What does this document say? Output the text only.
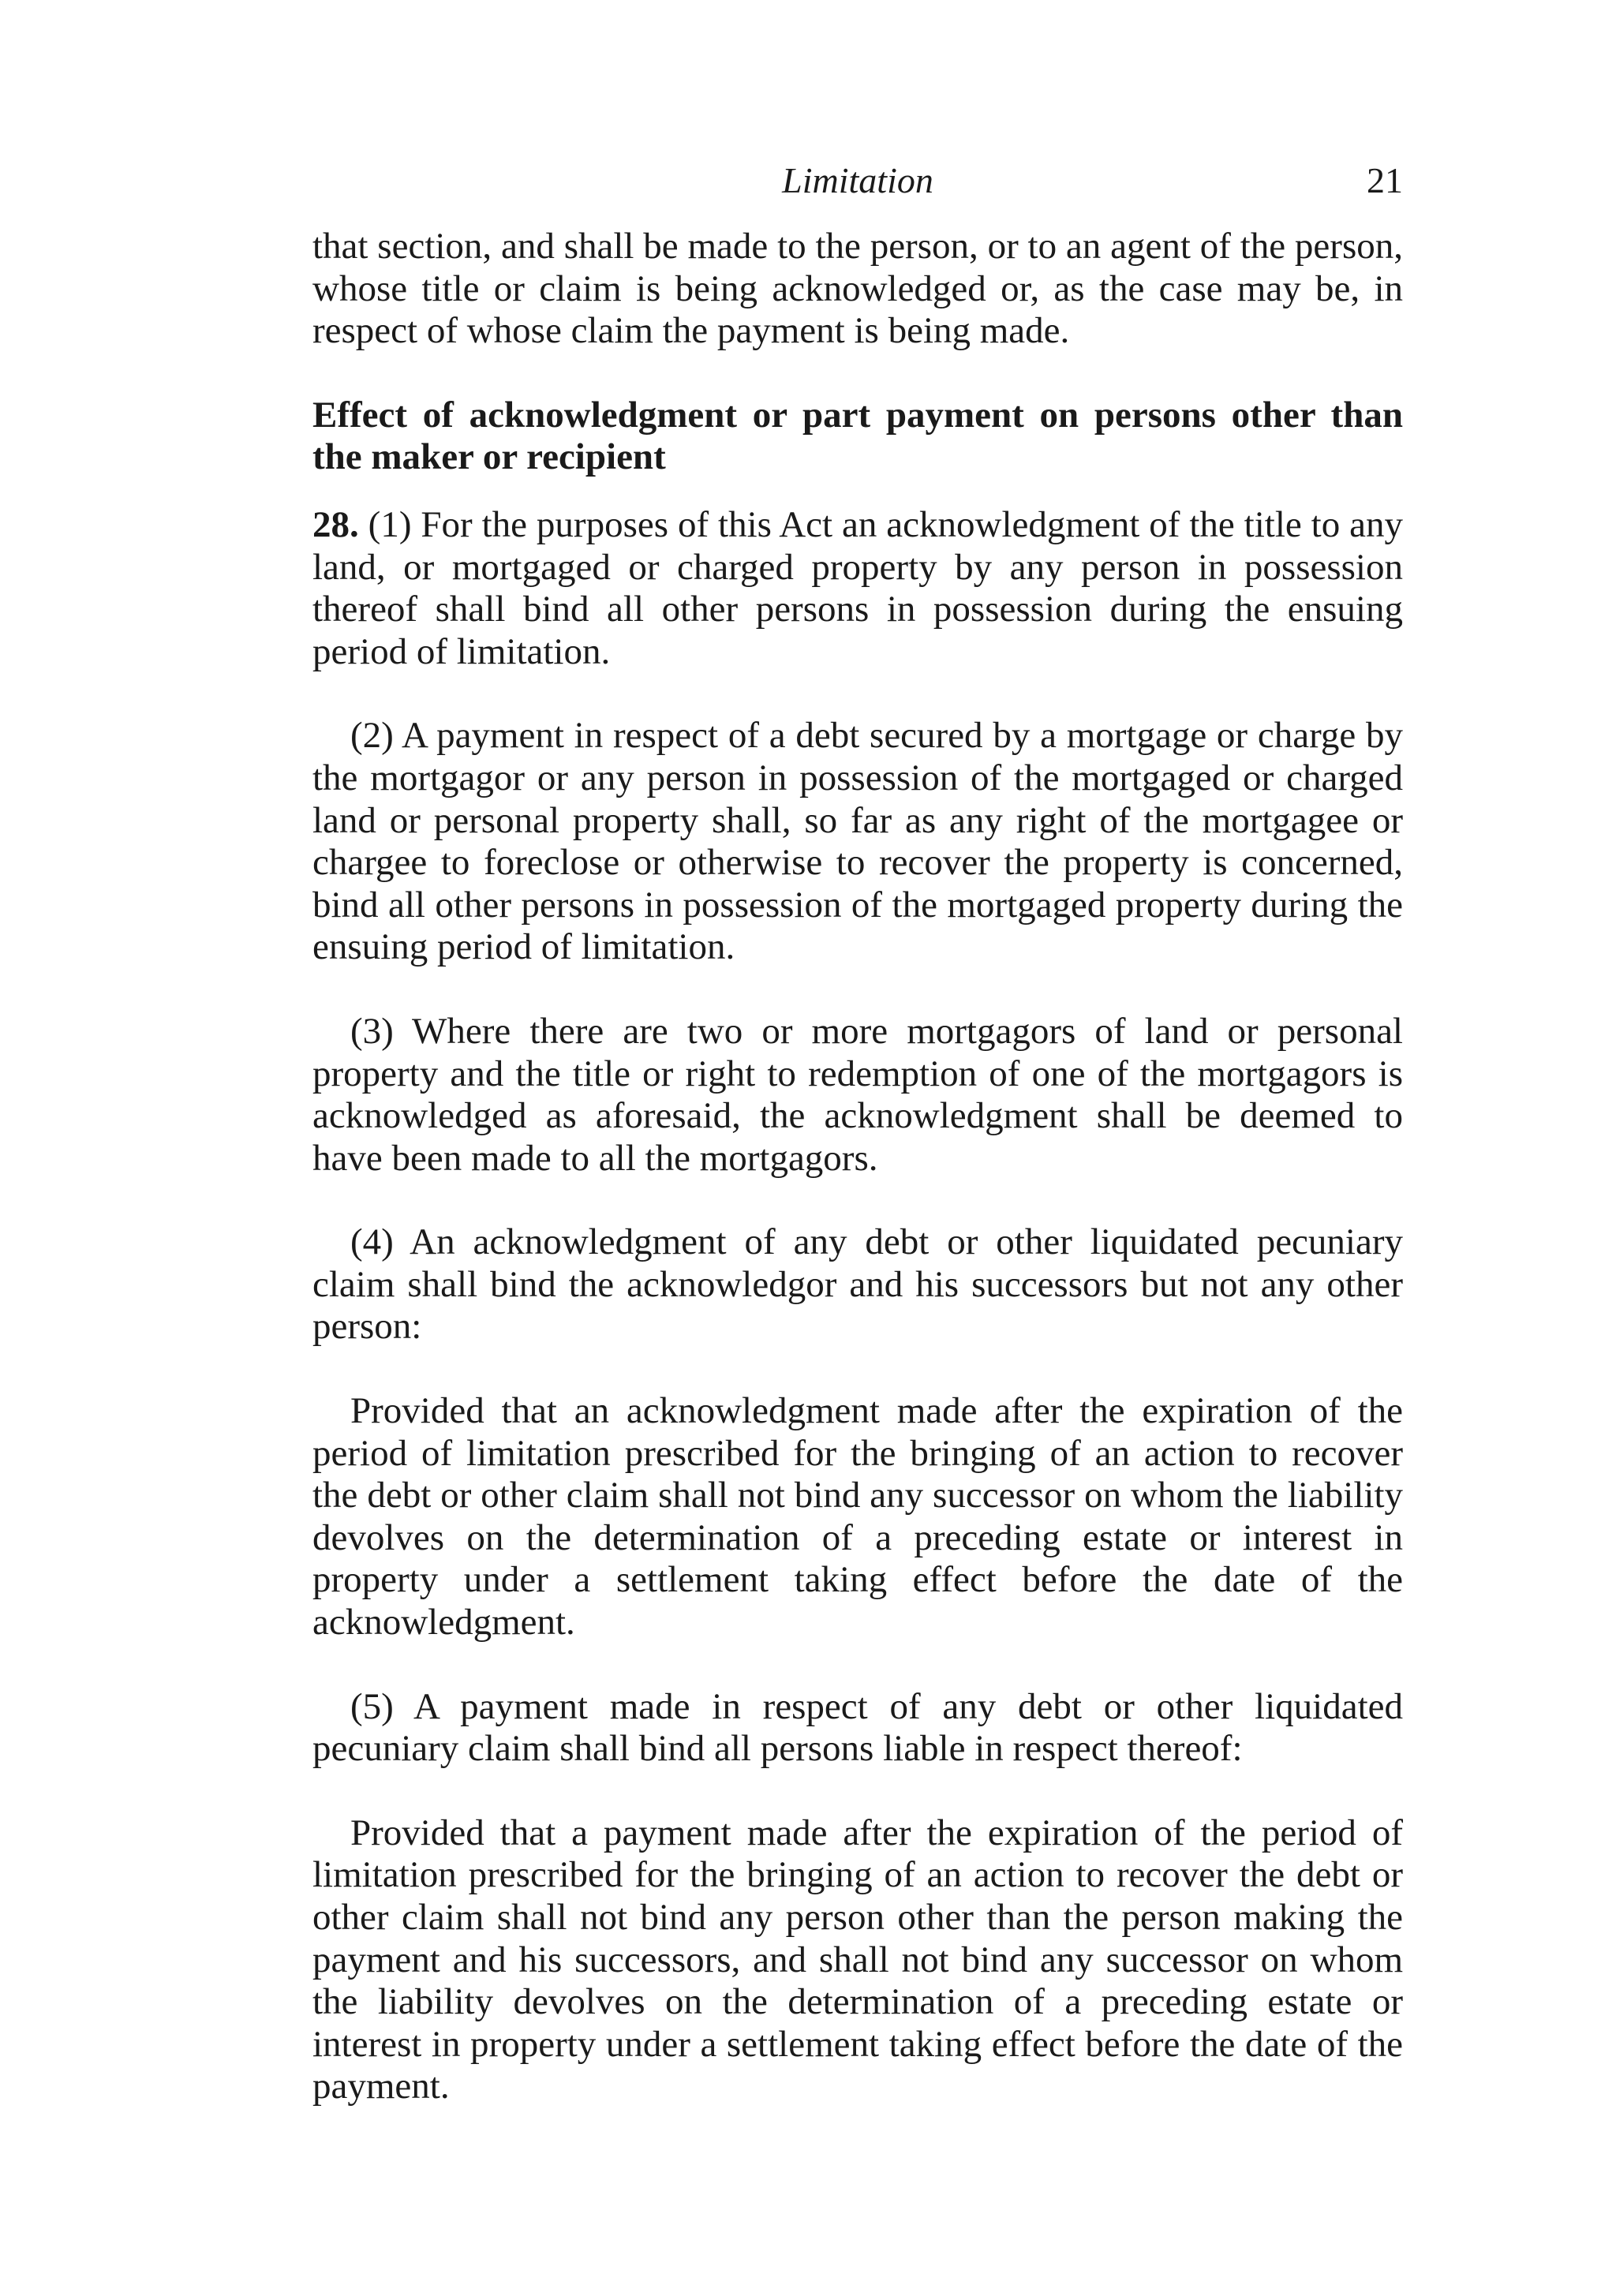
Limitation	21

that section, and shall be made to the person, or to an agent of the person, whose title or claim is being acknowledged or, as the case may be, in respect of whose claim the payment is being made.

Effect of acknowledgment or part payment on persons other than the maker or recipient

28. (1) For the purposes of this Act an acknowledgment of the title to any land, or mortgaged or charged property by any person in possession thereof shall bind all other persons in possession during the ensuing period of limitation.

(2) A payment in respect of a debt secured by a mortgage or charge by the mortgagor or any person in possession of the mortgaged or charged land or personal property shall, so far as any right of the mortgagee or chargee to foreclose or otherwise to recover the property is concerned, bind all other persons in possession of the mortgaged property during the ensuing period of limitation.

(3) Where there are two or more mortgagors of land or personal property and the title or right to redemption of one of the mortgagors is acknowledged as aforesaid, the acknowledgment shall be deemed to have been made to all the mortgagors.

(4) An acknowledgment of any debt or other liquidated pecuniary claim shall bind the acknowledgor and his successors but not any other person:

Provided that an acknowledgment made after the expiration of the period of limitation prescribed for the bringing of an action to recover the debt or other claim shall not bind any successor on whom the liability devolves on the determination of a preceding estate or interest in property under a settlement taking effect before the date of the acknowledgment.

(5) A payment made in respect of any debt or other liquidated pecuniary claim shall bind all persons liable in respect thereof:

Provided that a payment made after the expiration of the period of limitation prescribed for the bringing of an action to recover the debt or other claim shall not bind any person other than the person making the payment and his successors, and shall not bind any successor on whom the liability devolves on the determination of a preceding estate or interest in property under a settlement taking effect before the date of the payment.
